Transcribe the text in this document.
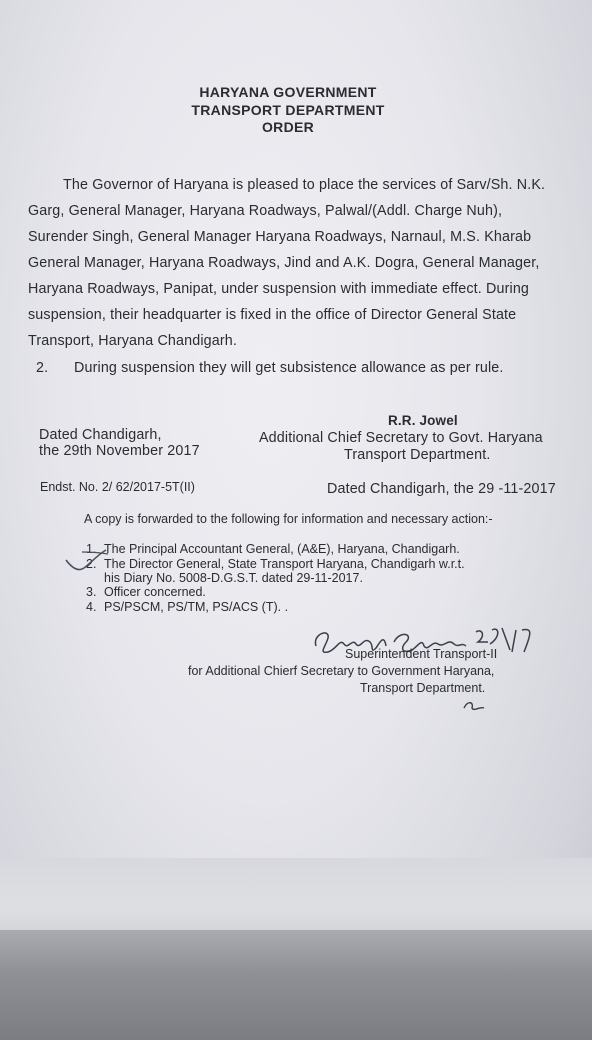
HARYANA GOVERNMENT
TRANSPORT DEPARTMENT
ORDER
The Governor of Haryana is pleased to place the services of Sarv/Sh. N.K.
Garg, General Manager, Haryana Roadways, Palwal/(Addl. Charge Nuh),
Surender Singh, General Manager Haryana Roadways, Narnaul, M.S. Kharab
General Manager, Haryana Roadways, Jind and A.K. Dogra, General Manager,
Haryana Roadways, Panipat, under suspension with immediate effect. During
suspension, their headquarter is fixed in the office of Director General State
Transport, Haryana Chandigarh.
2. During suspension they will get subsistence allowance as per rule.
R.R. Jowel
Additional Chief Secretary to Govt. Haryana
Transport Department.
Dated Chandigarh,
the 29th November 2017
Endst. No. 2/ 62/2017-5T(II)	Dated Chandigarh, the 29 -11-2017
A copy is forwarded to the following for information and necessary action:-
1. The Principal Accountant General, (A&E), Haryana, Chandigarh.
2. The Director General, State Transport Haryana, Chandigarh w.r.t.
his Diary No. 5008-D.G.S.T. dated 29-11-2017.
3. Officer concerned.
4. PS/PSCM, PS/TM, PS/ACS (T). .
Superintendent Transport-II
for Additional Chierf Secretary to Government Haryana,
Transport Department.
